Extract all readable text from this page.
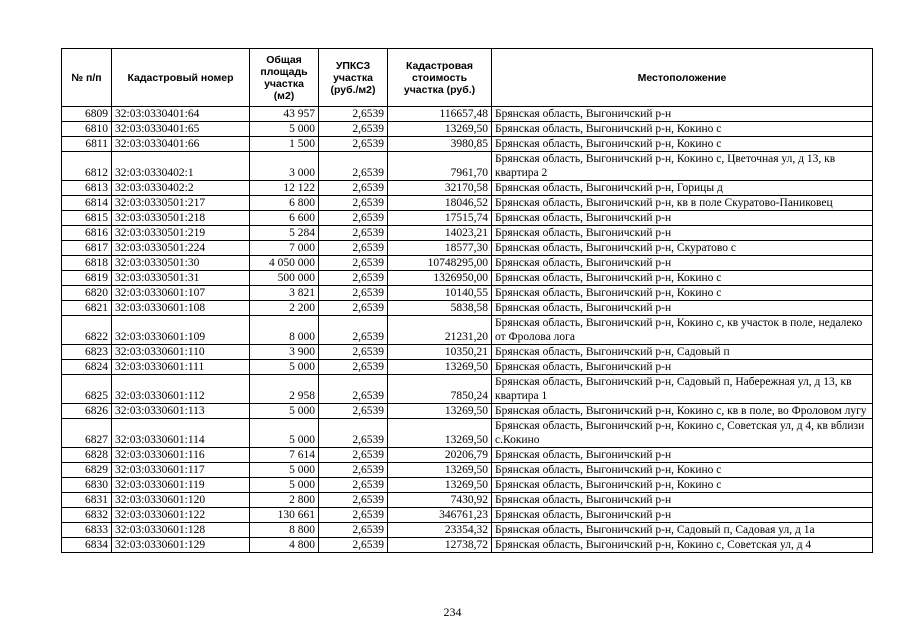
№ п/п	Кадастровый номер	Общая площадь участка (м2)	УПКСЗ участка (руб./м2)	Кадастровая стоимость участка (руб.)	Местоположение
6809	32:03:0330401:64	43 957	2,6539	116657,48	Брянская область, Выгоничский р-н
6810	32:03:0330401:65	5 000	2,6539	13269,50	Брянская область, Выгоничский р-н, Кокино с
6811	32:03:0330401:66	1 500	2,6539	3980,85	Брянская область, Выгоничский р-н, Кокино с
6812	32:03:0330402:1	3 000	2,6539	7961,70	Брянская область, Выгоничский р-н, Кокино с, Цветочная ул, д 13, кв квартира 2
6813	32:03:0330402:2	12 122	2,6539	32170,58	Брянская область, Выгоничский р-н, Горицы д
6814	32:03:0330501:217	6 800	2,6539	18046,52	Брянская область, Выгоничский р-н, кв в поле Скуратово-Паниковец
6815	32:03:0330501:218	6 600	2,6539	17515,74	Брянская область, Выгоничский р-н
6816	32:03:0330501:219	5 284	2,6539	14023,21	Брянская область, Выгоничский р-н
6817	32:03:0330501:224	7 000	2,6539	18577,30	Брянская область, Выгоничский р-н, Скуратово с
6818	32:03:0330501:30	4 050 000	2,6539	10748295,00	Брянская область, Выгоничский р-н
6819	32:03:0330501:31	500 000	2,6539	1326950,00	Брянская область, Выгоничский р-н, Кокино с
6820	32:03:0330601:107	3 821	2,6539	10140,55	Брянская область, Выгоничский р-н, Кокино с
6821	32:03:0330601:108	2 200	2,6539	5838,58	Брянская область, Выгоничский р-н
6822	32:03:0330601:109	8 000	2,6539	21231,20	Брянская область, Выгоничский р-н, Кокино с, кв участок в поле, недалеко от Фролова лога
6823	32:03:0330601:110	3 900	2,6539	10350,21	Брянская область, Выгоничский р-н, Садовый п
6824	32:03:0330601:111	5 000	2,6539	13269,50	Брянская область, Выгоничский р-н
6825	32:03:0330601:112	2 958	2,6539	7850,24	Брянская область, Выгоничский р-н, Садовый п, Набережная ул, д 13, кв квартира 1
6826	32:03:0330601:113	5 000	2,6539	13269,50	Брянская область, Выгоничский р-н, Кокино с, кв в поле, во Фроловом лугу
6827	32:03:0330601:114	5 000	2,6539	13269,50	Брянская область, Выгоничский р-н, Кокино с, Советская ул, д 4, кв вблизи с.Кокино
6828	32:03:0330601:116	7 614	2,6539	20206,79	Брянская область, Выгоничский р-н
6829	32:03:0330601:117	5 000	2,6539	13269,50	Брянская область, Выгоничский р-н, Кокино с
6830	32:03:0330601:119	5 000	2,6539	13269,50	Брянская область, Выгоничский р-н, Кокино с
6831	32:03:0330601:120	2 800	2,6539	7430,92	Брянская область, Выгоничский р-н
6832	32:03:0330601:122	130 661	2,6539	346761,23	Брянская область, Выгоничский р-н
6833	32:03:0330601:128	8 800	2,6539	23354,32	Брянская область, Выгоничский р-н, Садовый п, Садовая ул, д 1а
6834	32:03:0330601:129	4 800	2,6539	12738,72	Брянская область, Выгоничский р-н, Кокино с, Советская ул, д 4
234
